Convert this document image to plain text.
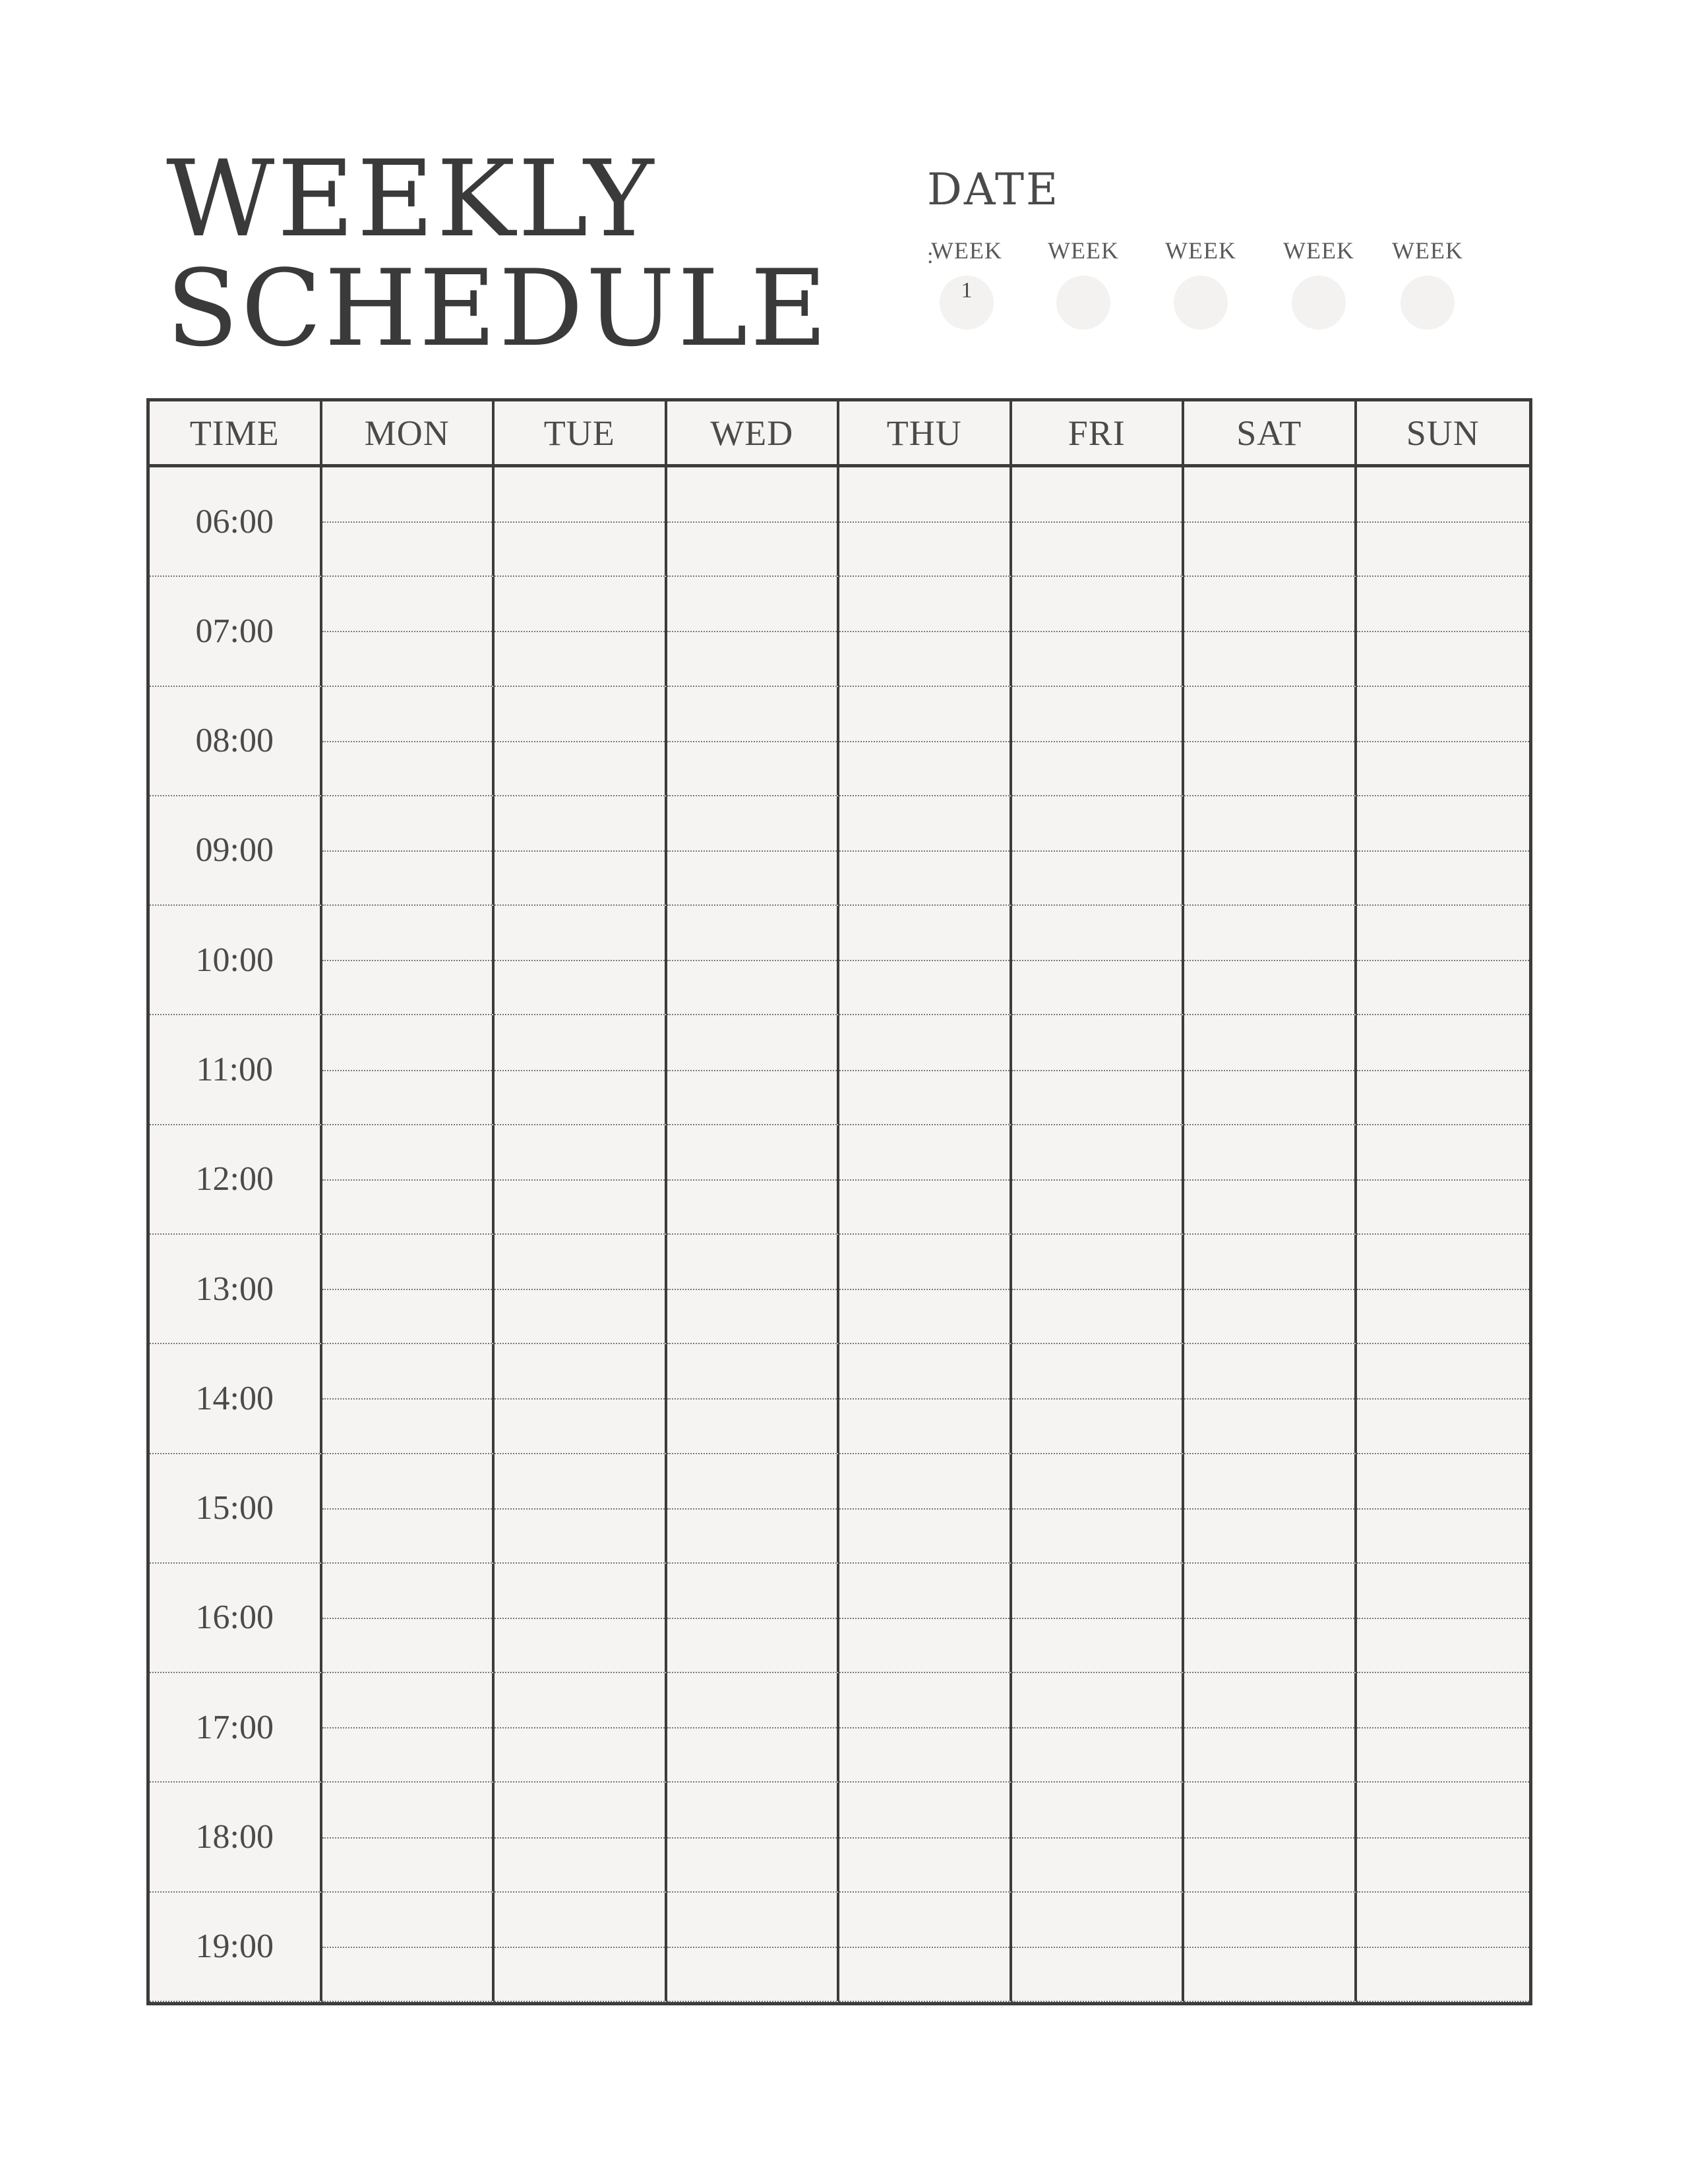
WEEKLY
SCHEDULE
DATE
:
WEEK
1
WEEK	WEEK	WEEK	WEEK
TIME	MON	TUE	WED	THU	FRI	SAT	SUN
06:00
07:00
08:00
09:00
10:00
11:00
12:00
13:00
14:00
15:00
16:00
17:00
18:00
19:00
